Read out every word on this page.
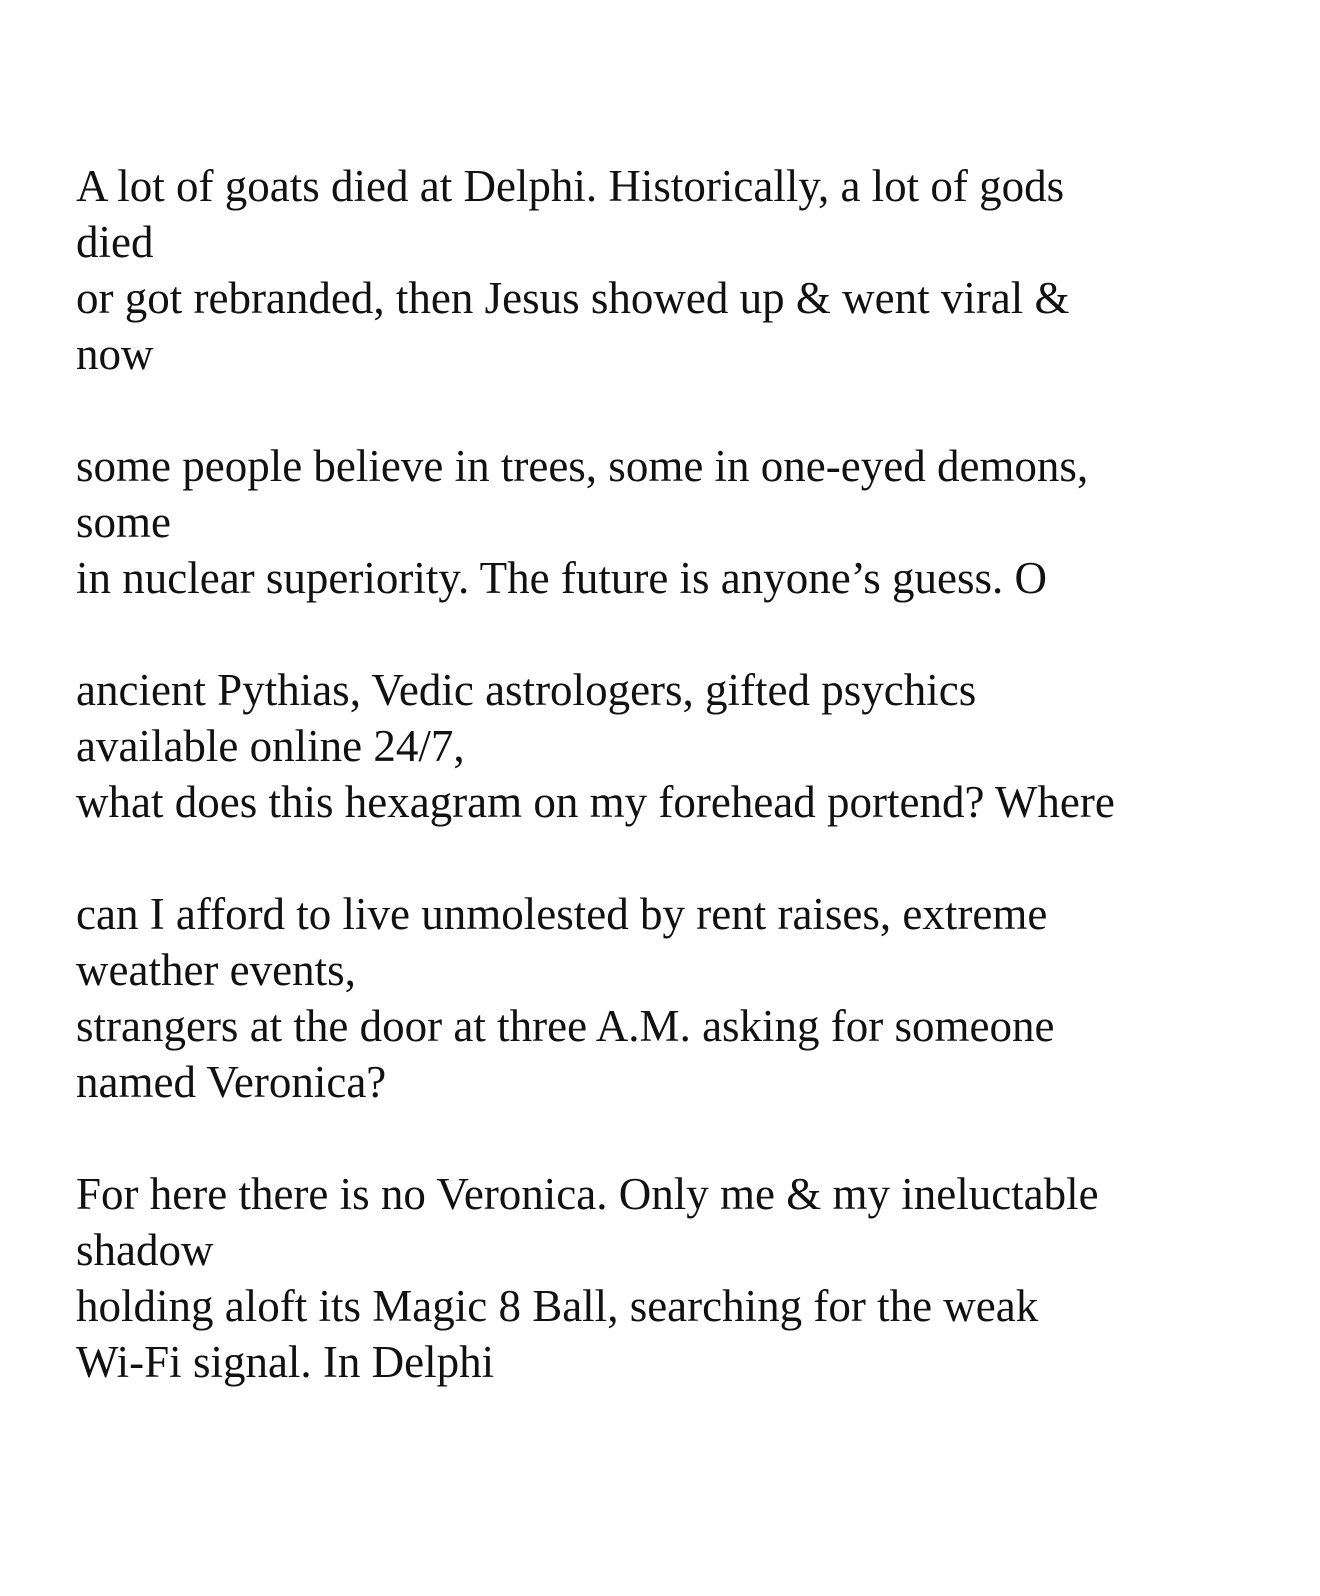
A lot of goats died at Delphi. Historically, a lot of gods
died
or got rebranded, then Jesus showed up & went viral &
now
some people believe in trees, some in one-eyed demons,
some
in nuclear superiority. The future is anyone’s guess. O
ancient Pythias, Vedic astrologers, gifted psychics
available online 24/7,
what does this hexagram on my forehead portend? Where
can I afford to live unmolested by rent raises, extreme
weather events,
strangers at the door at three A.M. asking for someone
named Veronica?
For here there is no Veronica. Only me & my ineluctable
shadow
holding aloft its Magic 8 Ball, searching for the weak
Wi-Fi signal. In Delphi
